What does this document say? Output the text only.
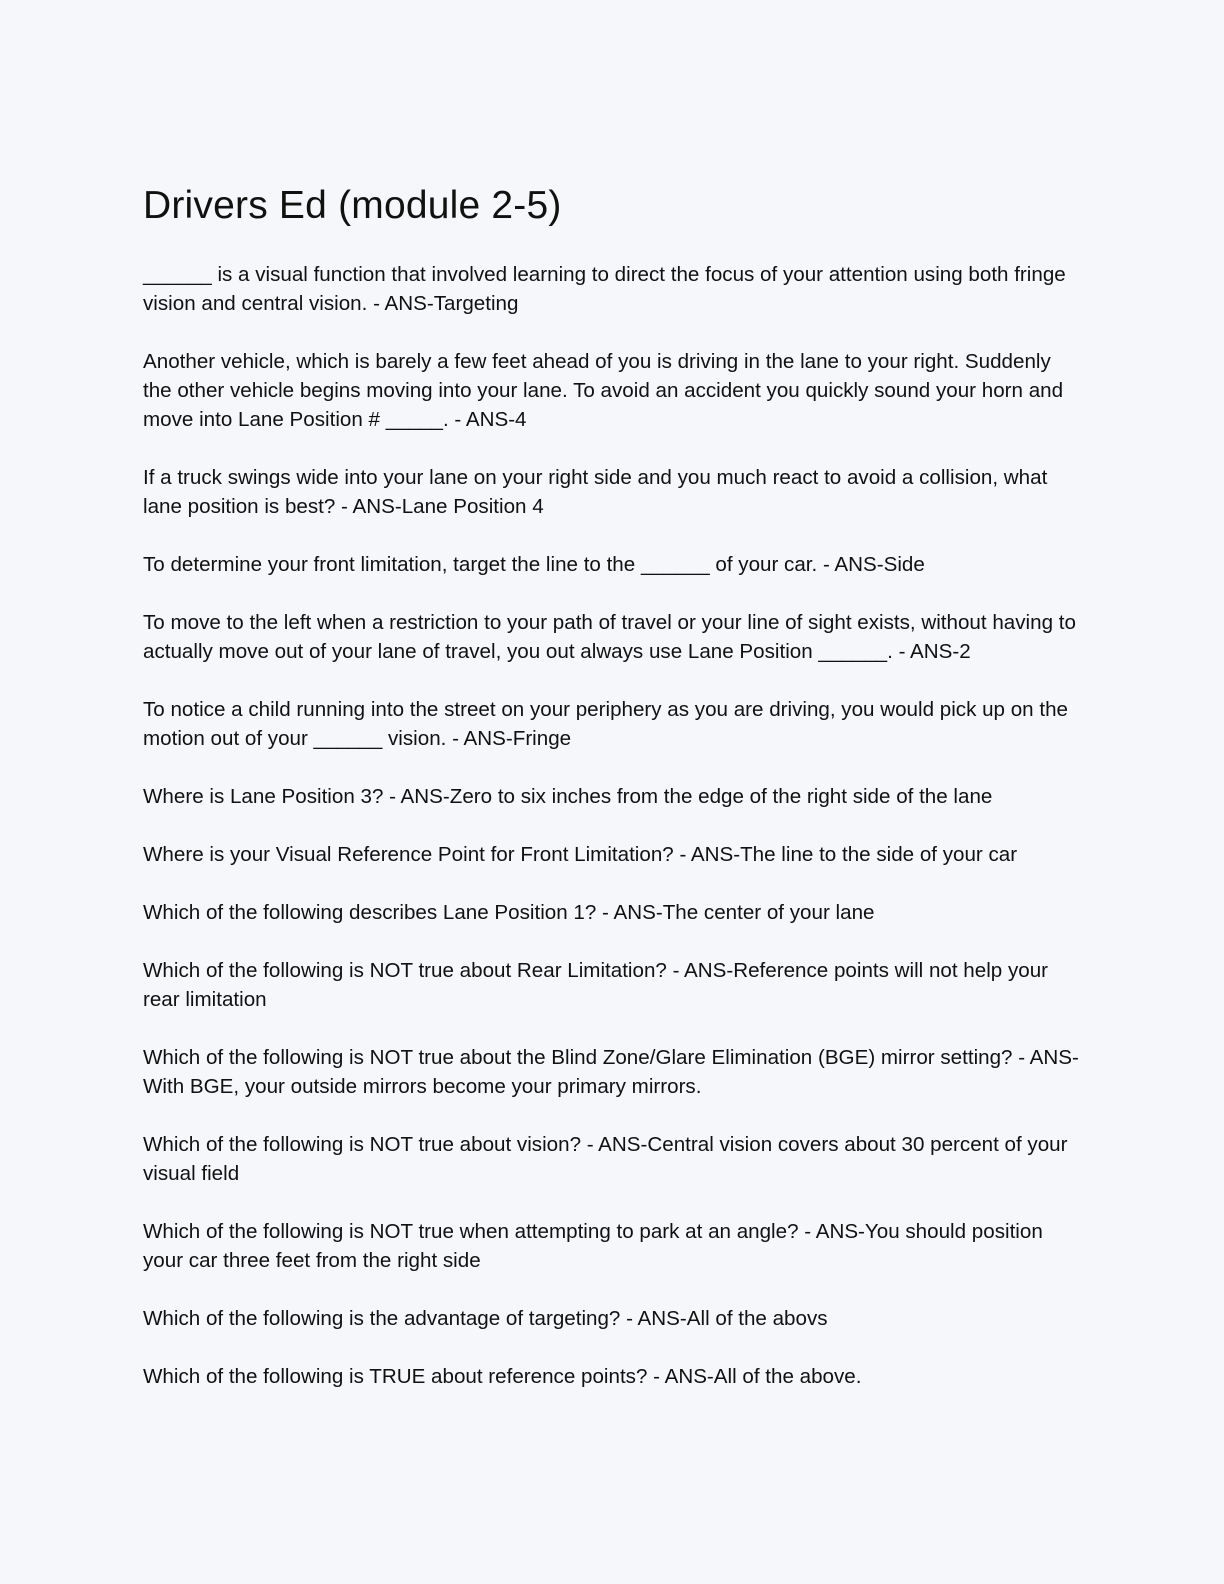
Drivers Ed (module 2-5)

______ is a visual function that involved learning to direct the focus of your attention using both fringe vision and central vision. - ANS-Targeting

Another vehicle, which is barely a few feet ahead of you is driving in the lane to your right. Suddenly the other vehicle begins moving into your lane. To avoid an accident you quickly sound your horn and move into Lane Position # _____. - ANS-4

If a truck swings wide into your lane on your right side and you much react to avoid a collision, what lane position is best? - ANS-Lane Position 4

To determine your front limitation, target the line to the ______ of your car. - ANS-Side

To move to the left when a restriction to your path of travel or your line of sight exists, without having to actually move out of your lane of travel, you out always use Lane Position ______. - ANS-2

To notice a child running into the street on your periphery as you are driving, you would pick up on the motion out of your ______ vision. - ANS-Fringe

Where is Lane Position 3? - ANS-Zero to six inches from the edge of the right side of the lane

Where is your Visual Reference Point for Front Limitation? - ANS-The line to the side of your car

Which of the following describes Lane Position 1? - ANS-The center of your lane

Which of the following is NOT true about Rear Limitation? - ANS-Reference points will not help your rear limitation

Which of the following is NOT true about the Blind Zone/Glare Elimination (BGE) mirror setting? - ANS-With BGE, your outside mirrors become your primary mirrors.

Which of the following is NOT true about vision? - ANS-Central vision covers about 30 percent of your visual field

Which of the following is NOT true when attempting to park at an angle? - ANS-You should position your car three feet from the right side

Which of the following is the advantage of targeting? - ANS-All of the abovs

Which of the following is TRUE about reference points? - ANS-All of the above.
